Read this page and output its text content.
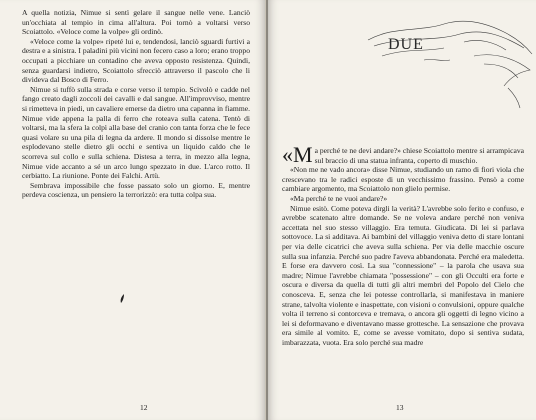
A quella notizia, Nimue si sentì gelare il sangue nelle vene. Lanciò un'occhiata al tempio in cima all'altura. Poi tornò a voltarsi verso Scoiattolo. «Veloce come la volpe» gli ordinò.

«Veloce come la volpe» ripeté lui e, tendendosi, lanciò sguardi furtivi a destra e a sinistra. I paladini più vicini non fecero caso a loro; erano troppo occupati a picchiare un contadino che aveva opposto resistenza. Quindi, senza guardarsi indietro, Scoiattolo sfrecciò attraverso il pascolo che li divideva dal Bosco di Ferro.

Nimue si tuffò sulla strada e corse verso il tempio. Scivolò e cadde nel fango creato dagli zoccoli dei cavalli e dal sangue. All'improvviso, mentre si rimetteva in piedi, un cavaliere emerse da dietro una capanna in fiamme. Nimue vide appena la palla di ferro che roteava sulla catena. Tentò di voltarsi, ma la sfera la colpì alla base del cranio con tanta forza che le fece quasi volare su una pila di legna da ardere. Il mondo si dissolse mentre le esplodevano stelle dietro gli occhi e sentiva un liquido caldo che le scorreva sul collo e sulla schiena. Distesa a terra, in mezzo alla legna, Nimue vide accanto a sé un arco lungo spezzato in due. L'arco rotto. Il cerbiatto. La riunione. Ponte dei Falchi. Artù.

Sembrava impossibile che fosse passato solo un giorno. E, mentre perdeva coscienza, un pensiero la terrorizzò: era tutta colpa sua.

12
DUE

«Ma perché te ne devi andare?» chiese Scoiattolo mentre si arrampicava sul braccio di una statua infranta, coperto di muschio.

«Non me ne vado ancora» disse Nimue, studiando un ramo di fiori viola che crescevano tra le radici esposte di un vecchissimo frassino. Pensò a come cambiare argomento, ma Scoiattolo non glielo permise.

«Ma perché te ne vuoi andare?»

Nimue esitò. Come poteva dirgli la verità? L'avrebbe solo ferito e confuso, e avrebbe scatenato altre domande. Se ne voleva andare perché non veniva accettata nel suo stesso villaggio. Era temuta. Giudicata. Di lei si parlava sottovoce. La si additava. Ai bambini del villaggio veniva detto di stare lontani per via delle cicatrici che aveva sulla schiena. Per via delle macchie oscure sulla sua infanzia. Perché suo padre l'aveva abbandonata. Perché era maledetta. E forse era davvero così. La sua "connessione" – la parola che usava sua madre; Nimue l'avrebbe chiamata "possessione" – con gli Occulti era forte e oscura e diversa da quella di tutti gli altri membri del Popolo del Cielo che conosceva. E, senza che lei potesse controllarla, si manifestava in maniere strane, talvolta violente e inaspettate, con visioni o convulsioni, oppure qualche volta il terreno si contorceva e tremava, o ancora gli oggetti di legno vicino a lei si deformavano e diventavano masse grottesche. La sensazione che provava era simile al vomito. E, come se avesse vomitato, dopo si sentiva sudata, imbarazzata, vuota. Era solo perché sua madre

13
